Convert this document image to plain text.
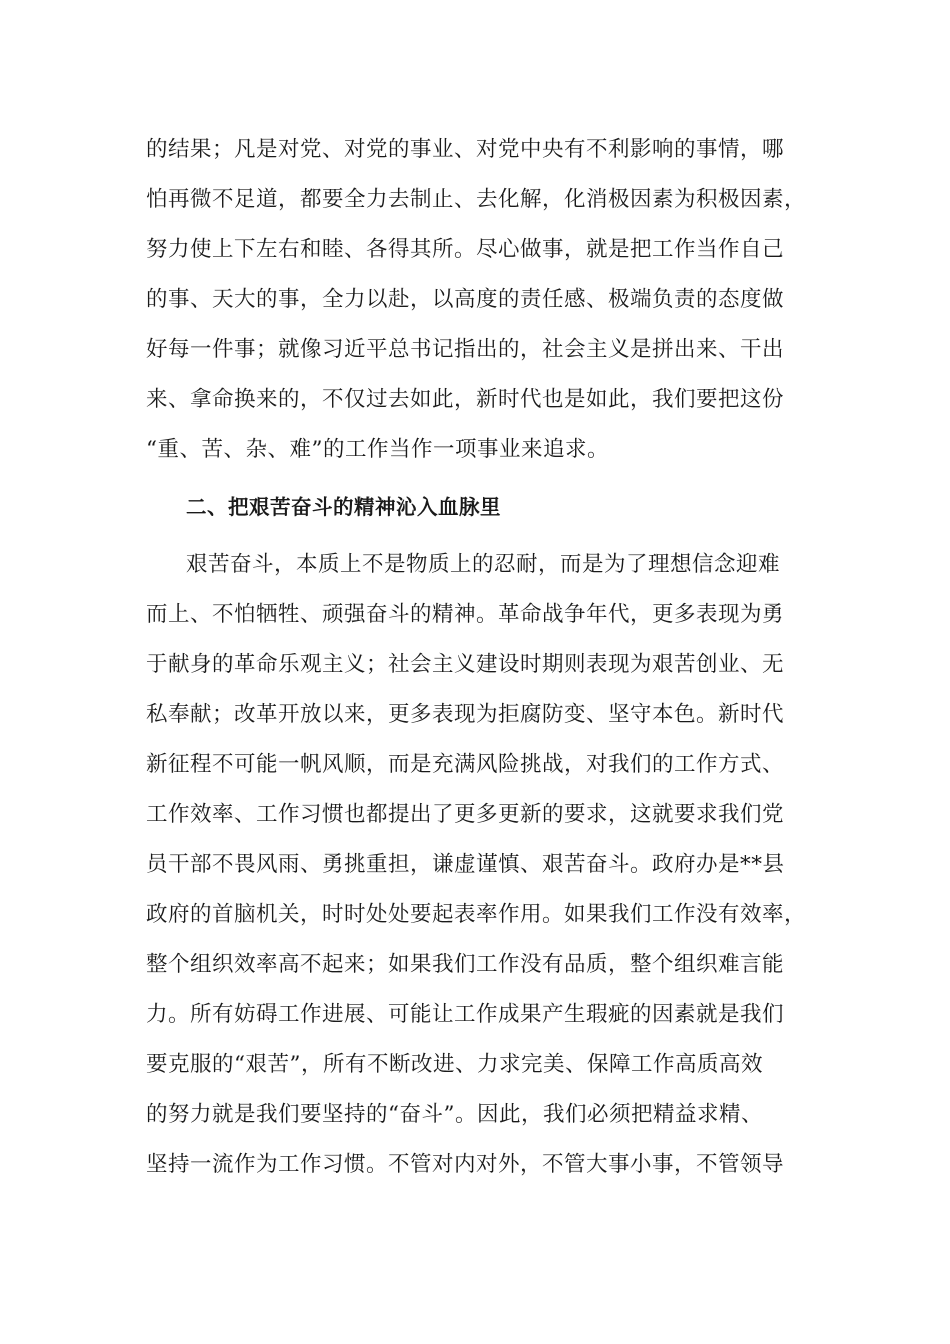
的结果；凡是对党、对党的事业、对党中央有不利影响的事情，哪
怕再微不足道，都要全力去制止、去化解，化消极因素为积极因素，
努力使上下左右和睦、各得其所。尽心做事，就是把工作当作自己
的事、天大的事，全力以赴，以高度的责任感、极端负责的态度做
好每一件事；就像习近平总书记指出的，社会主义是拼出来、干出
来、拿命换来的，不仅过去如此，新时代也是如此，我们要把这份
“重、苦、杂、难”的工作当作一项事业来追求。
二、把艰苦奋斗的精神沁入血脉里
艰苦奋斗，本质上不是物质上的忍耐，而是为了理想信念迎难
而上、不怕牺牲、顽强奋斗的精神。革命战争年代，更多表现为勇
于献身的革命乐观主义；社会主义建设时期则表现为艰苦创业、无
私奉献；改革开放以来，更多表现为拒腐防变、坚守本色。新时代
新征程不可能一帆风顺，而是充满风险挑战，对我们的工作方式、
工作效率、工作习惯也都提出了更多更新的要求，这就要求我们党
员干部不畏风雨、勇挑重担，谦虚谨慎、艰苦奋斗。政府办是**县
政府的首脑机关，时时处处要起表率作用。如果我们工作没有效率，
整个组织效率高不起来；如果我们工作没有品质，整个组织难言能
力。所有妨碍工作进展、可能让工作成果产生瑕疵的因素就是我们
要克服的“艰苦”，所有不断改进、力求完美、保障工作高质高效
的努力就是我们要坚持的“奋斗”。因此，我们必须把精益求精、
坚持一流作为工作习惯。不管对内对外，不管大事小事，不管领导
